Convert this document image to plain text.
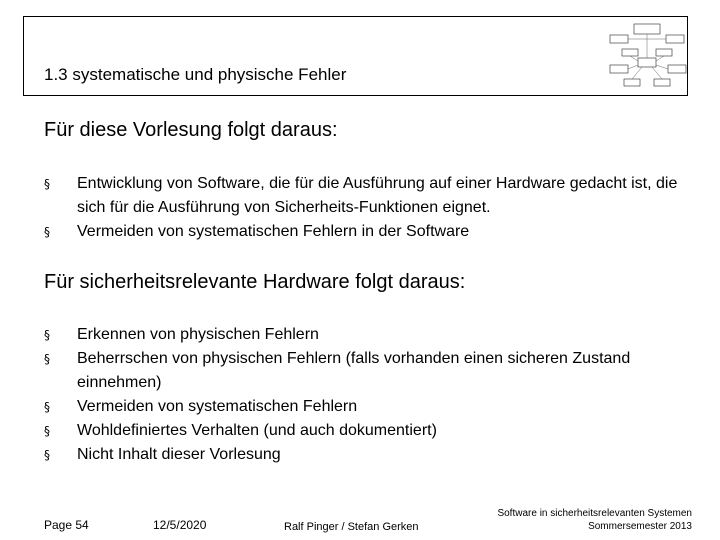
1.3 systematische und physische Fehler
Für diese Vorlesung folgt daraus:
§ Entwicklung von Software, die für die Ausführung auf einer Hardware gedacht ist, die sich für die Ausführung von Sicherheits-Funktionen eignet.
§ Vermeiden von systematischen Fehlern in der Software
Für sicherheitsrelevante Hardware folgt daraus:
§ Erkennen von physischen Fehlern
§ Beherrschen von physischen Fehlern (falls vorhanden einen sicheren Zustand einnehmen)
§ Vermeiden von systematischen Fehlern
§ Wohldefiniertes Verhalten (und auch dokumentiert)
§ Nicht Inhalt dieser Vorlesung
Page 54	12/5/2020	Ralf Pinger / Stefan Gerken
Software in sicherheitsrelevanten Systemen
Sommersemester 2013
